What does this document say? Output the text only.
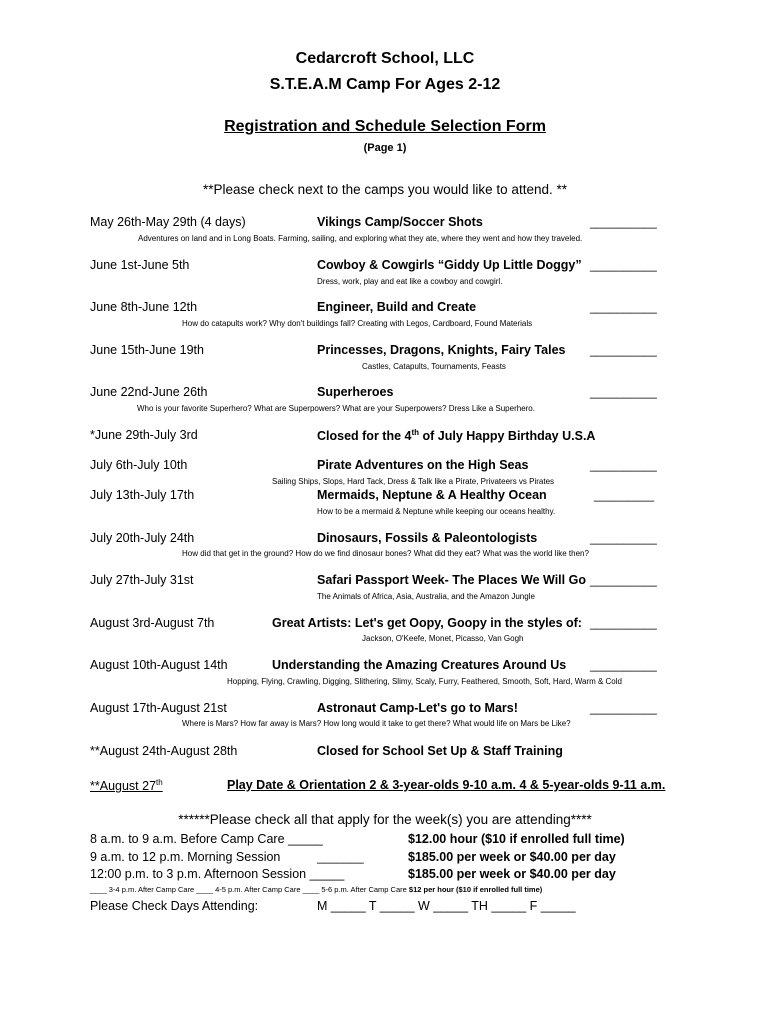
Cedarcroft School, LLC
S.T.E.A.M Camp For Ages 2-12
Registration and Schedule Selection Form
(Page 1)
**Please check next to the camps you would like to attend. **
May 26th-May 29th (4 days)	Vikings Camp/Soccer Shots	__________
Adventures on land and in Long Boats. Farming, sailing, and exploring what they ate, where they went and how they traveled.
June 1st-June 5th	Cowboy & Cowgirls “Giddy Up Little Doggy” __________
Dress, work, play and eat like a cowboy and cowgirl.
June 8th-June 12th	Engineer, Build and Create	__________
How do catapults work? Why don't buildings fall? Creating with Legos, Cardboard, Found Materials
June 15th-June 19th	Princesses, Dragons, Knights, Fairy Tales __________
Castles, Catapults, Tournaments, Feasts
June 22nd-June 26th	Superheroes	__________
Who is your favorite Superhero? What are Superpowers? What are your Superpowers? Dress Like a Superhero.
*June 29th-July 3rd	Closed for the 4th of July Happy Birthday U.S.A
July 6th-July 10th	Pirate Adventures on the High Seas	__________
Sailing Ships, Slops, Hard Tack, Dress & Talk like a Pirate, Privateers vs Pirates
July 13th-July 17th	Mermaids, Neptune & A Healthy Ocean	_________
How to be a mermaid & Neptune while keeping our oceans healthy.
July 20th-July 24th	Dinosaurs, Fossils & Paleontologists	__________
How did that get in the ground? How do we find dinosaur bones? What did they eat? What was the world like then?
July 27th-July 31st	Safari Passport Week- The Places We Will Go __________
The Animals of Africa, Asia, Australia, and the Amazon Jungle
August 3rd-August 7th	Great Artists: Let's get Oopy, Goopy in the styles of: __________
Jackson, O'Keefe, Monet, Picasso, Van Gogh
August 10th-August 14th	Understanding the Amazing Creatures Around Us __________
Hopping, Flying, Crawling, Digging, Slithering, Slimy, Scaly, Furry, Feathered, Smooth, Soft, Hard, Warm & Cold
August 17th-August 21st	Astronaut Camp-Let's go to Mars!	__________
Where is Mars? How far away is Mars? How long would it take to get there? What would life on Mars be Like?
**August 24th-August 28th	Closed for School Set Up & Staff Training
**August 27th	Play Date & Orientation 2 & 3-year-olds 9-10 a.m. 4 & 5-year-olds 9-11 a.m.
******Please check all that apply for the week(s) you are attending****
8 a.m. to 9 a.m. Before Camp Care _____	$12.00 hour ($10 if enrolled full time)
9 a.m. to 12 p.m. Morning Session	_______	$185.00 per week or $40.00 per day
12:00 p.m. to 3 p.m. Afternoon Session _____	$185.00 per week or $40.00 per day
____ 3-4 p.m. After Camp Care ____ 4-5 p.m. After Camp Care ____ 5-6 p.m. After Camp Care $12 per hour ($10 if enrolled full time)
Please Check Days Attending:	M _____ T _____ W _____ TH _____ F _____
